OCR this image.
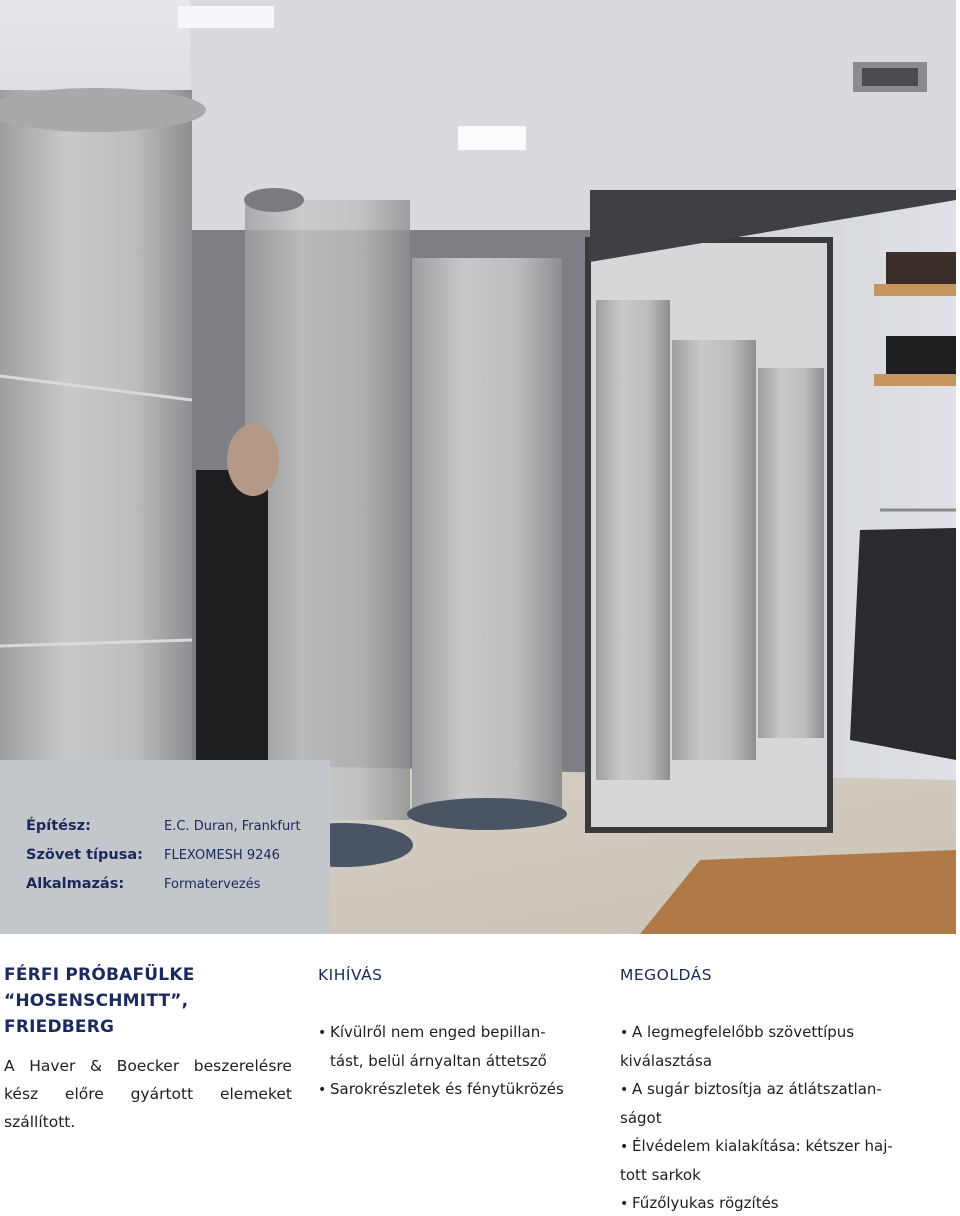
Építész:	E.C. Duran, Frankfurt
Szövet típusa:	FLEXOMESH 9246
Alkalmazás:	Formatervezés
FÉRFI PRÓBAFÜLKE
“HOSENSCHMITT”,
FRIEDBERG
A Haver & Boecker beszerelésre
kész előre gyártott elemeket
szállított.
KIHÍVÁS
• Kívülről nem enged bepillan-
tást, belül árnyaltan áttetsző
• Sarokrészletek és fénytükrözés
MEGOLDÁS
• A legmegfelelőbb szövettípus
kiválasztása
• A sugár biztosítja az átlátszatlan-
ságot
• Élvédelem kialakítása: kétszer haj-
tott sarkok
• Fűzőlyukas rögzítés
